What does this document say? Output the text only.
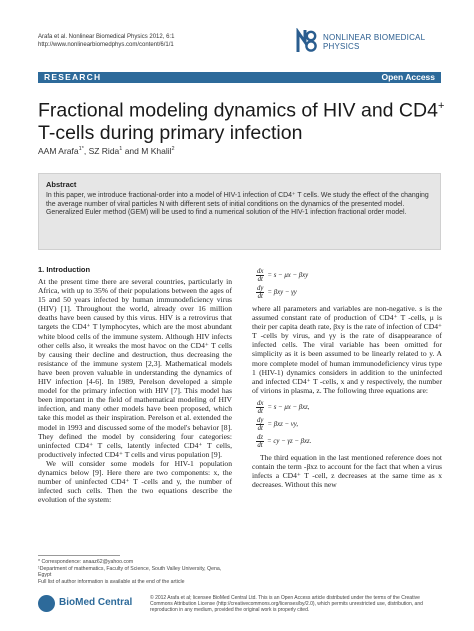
Arafa et al. Nonlinear Biomedical Physics 2012, 6:1
http://www.nonlinearbiomedphys.com/content/6/1/1
NONLINEAR BIOMEDICAL
PHYSICS
RESEARCH	Open Access
Fractional modeling dynamics of HIV and CD4+
T-cells during primary infection
AAM Arafa$^{1*}$, SZ Rida$^1$ and M Khalil$^2$
Abstract
In this paper, we introduce fractional-order into a model of HIV-1 infection of CD4⁺ T cells. We study the effect of the changing the average number of viral particles N with different sets of initial conditions on the dynamics of the presented model. Generalized Euler method (GEM) will be used to find a numerical solution of the HIV-1 infection fractional order model.
1. Introduction

At the present time there are several countries, particularly in Africa, with up to 35% of their populations between the ages of 15 and 50 years infected by human immunodeficiency virus (HIV) [1]. Throughout the world, already over 16 million deaths have been caused by this virus. HIV is a retrovirus that targets the CD4⁺ T lymphocytes, which are the most abundant white blood cells of the immune system. Although HIV infects other cells also, it wreaks the most havoc on the CD4⁺ T cells by causing their decline and destruction, thus decreasing the resistance of the immune system [2,3]. Mathematical models have been proven valuable in understanding the dynamics of HIV infection [4-6]. In 1989, Perelson developed a simple model for the primary infection with HIV [7]. This model has been important in the field of mathematical modeling of HIV infection, and many other models have been proposed, which take this model as their inspiration. Perelson et al. extended the model in 1993 and discussed some of the model's behavior [8]. They defined the model by considering four categories: uninfected CD4⁺ T cells, latently infected CD4⁺ T cells, productively infected CD4⁺ T cells and virus population [9].

We will consider some models for HIV-1 population dynamics below [9]. Here there are two components: x, the number of uninfected CD4⁺ T -cells and y, the number of infected such cells. Then the two equations describe the evolution of the system:

$\frac{dx}{dt} = s - \mu x - \beta xy$
$\frac{dy}{dt} = \beta xy - \gamma y$

where all parameters and variables are non-negative. s is the assumed constant rate of production of CD4⁺ T -cells, μ is their per capita death rate, βxy is the rate of infection of CD4⁺ T -cells by virus, and γy is the rate of disappearance of infected cells. The viral variable has been omitted for simplicity as it is been assumed to be linearly related to y. A more complete model of human immunodeficiency virus type 1 (HIV-1) dynamics considers in addition to the uninfected and infected CD4⁺ T -cells, x and y respectively, the number of virions in plasma, z. The following three equations are:

$\frac{dx}{dt} = s - \mu x - \beta xz$,
$\frac{dy}{dt} = \beta xz - \nu y$,
$\frac{dz}{dt}$ = cy − γz − βxz.

The third equation in the last mentioned reference does not contain the term -βxz to account for the fact that when a virus infects a CD4⁺ T -cell, z decreases at the same time as x decreases. Without this new

* Correspondence: anaaz62@yahoo.com
¹Department of mathematics, Faculty of Science, South Valley University, Qena, Egypt
Full list of author information is available at the end of the article
BioMed Central	© 2012 Arafa et al; licensee BioMed Central Ltd. This is an Open Access article distributed under the terms of the Creative Commons Attribution License (http://creativecommons.org/licenses/by/2.0), which permits unrestricted use, distribution, and reproduction in any medium, provided the original work is properly cited.
